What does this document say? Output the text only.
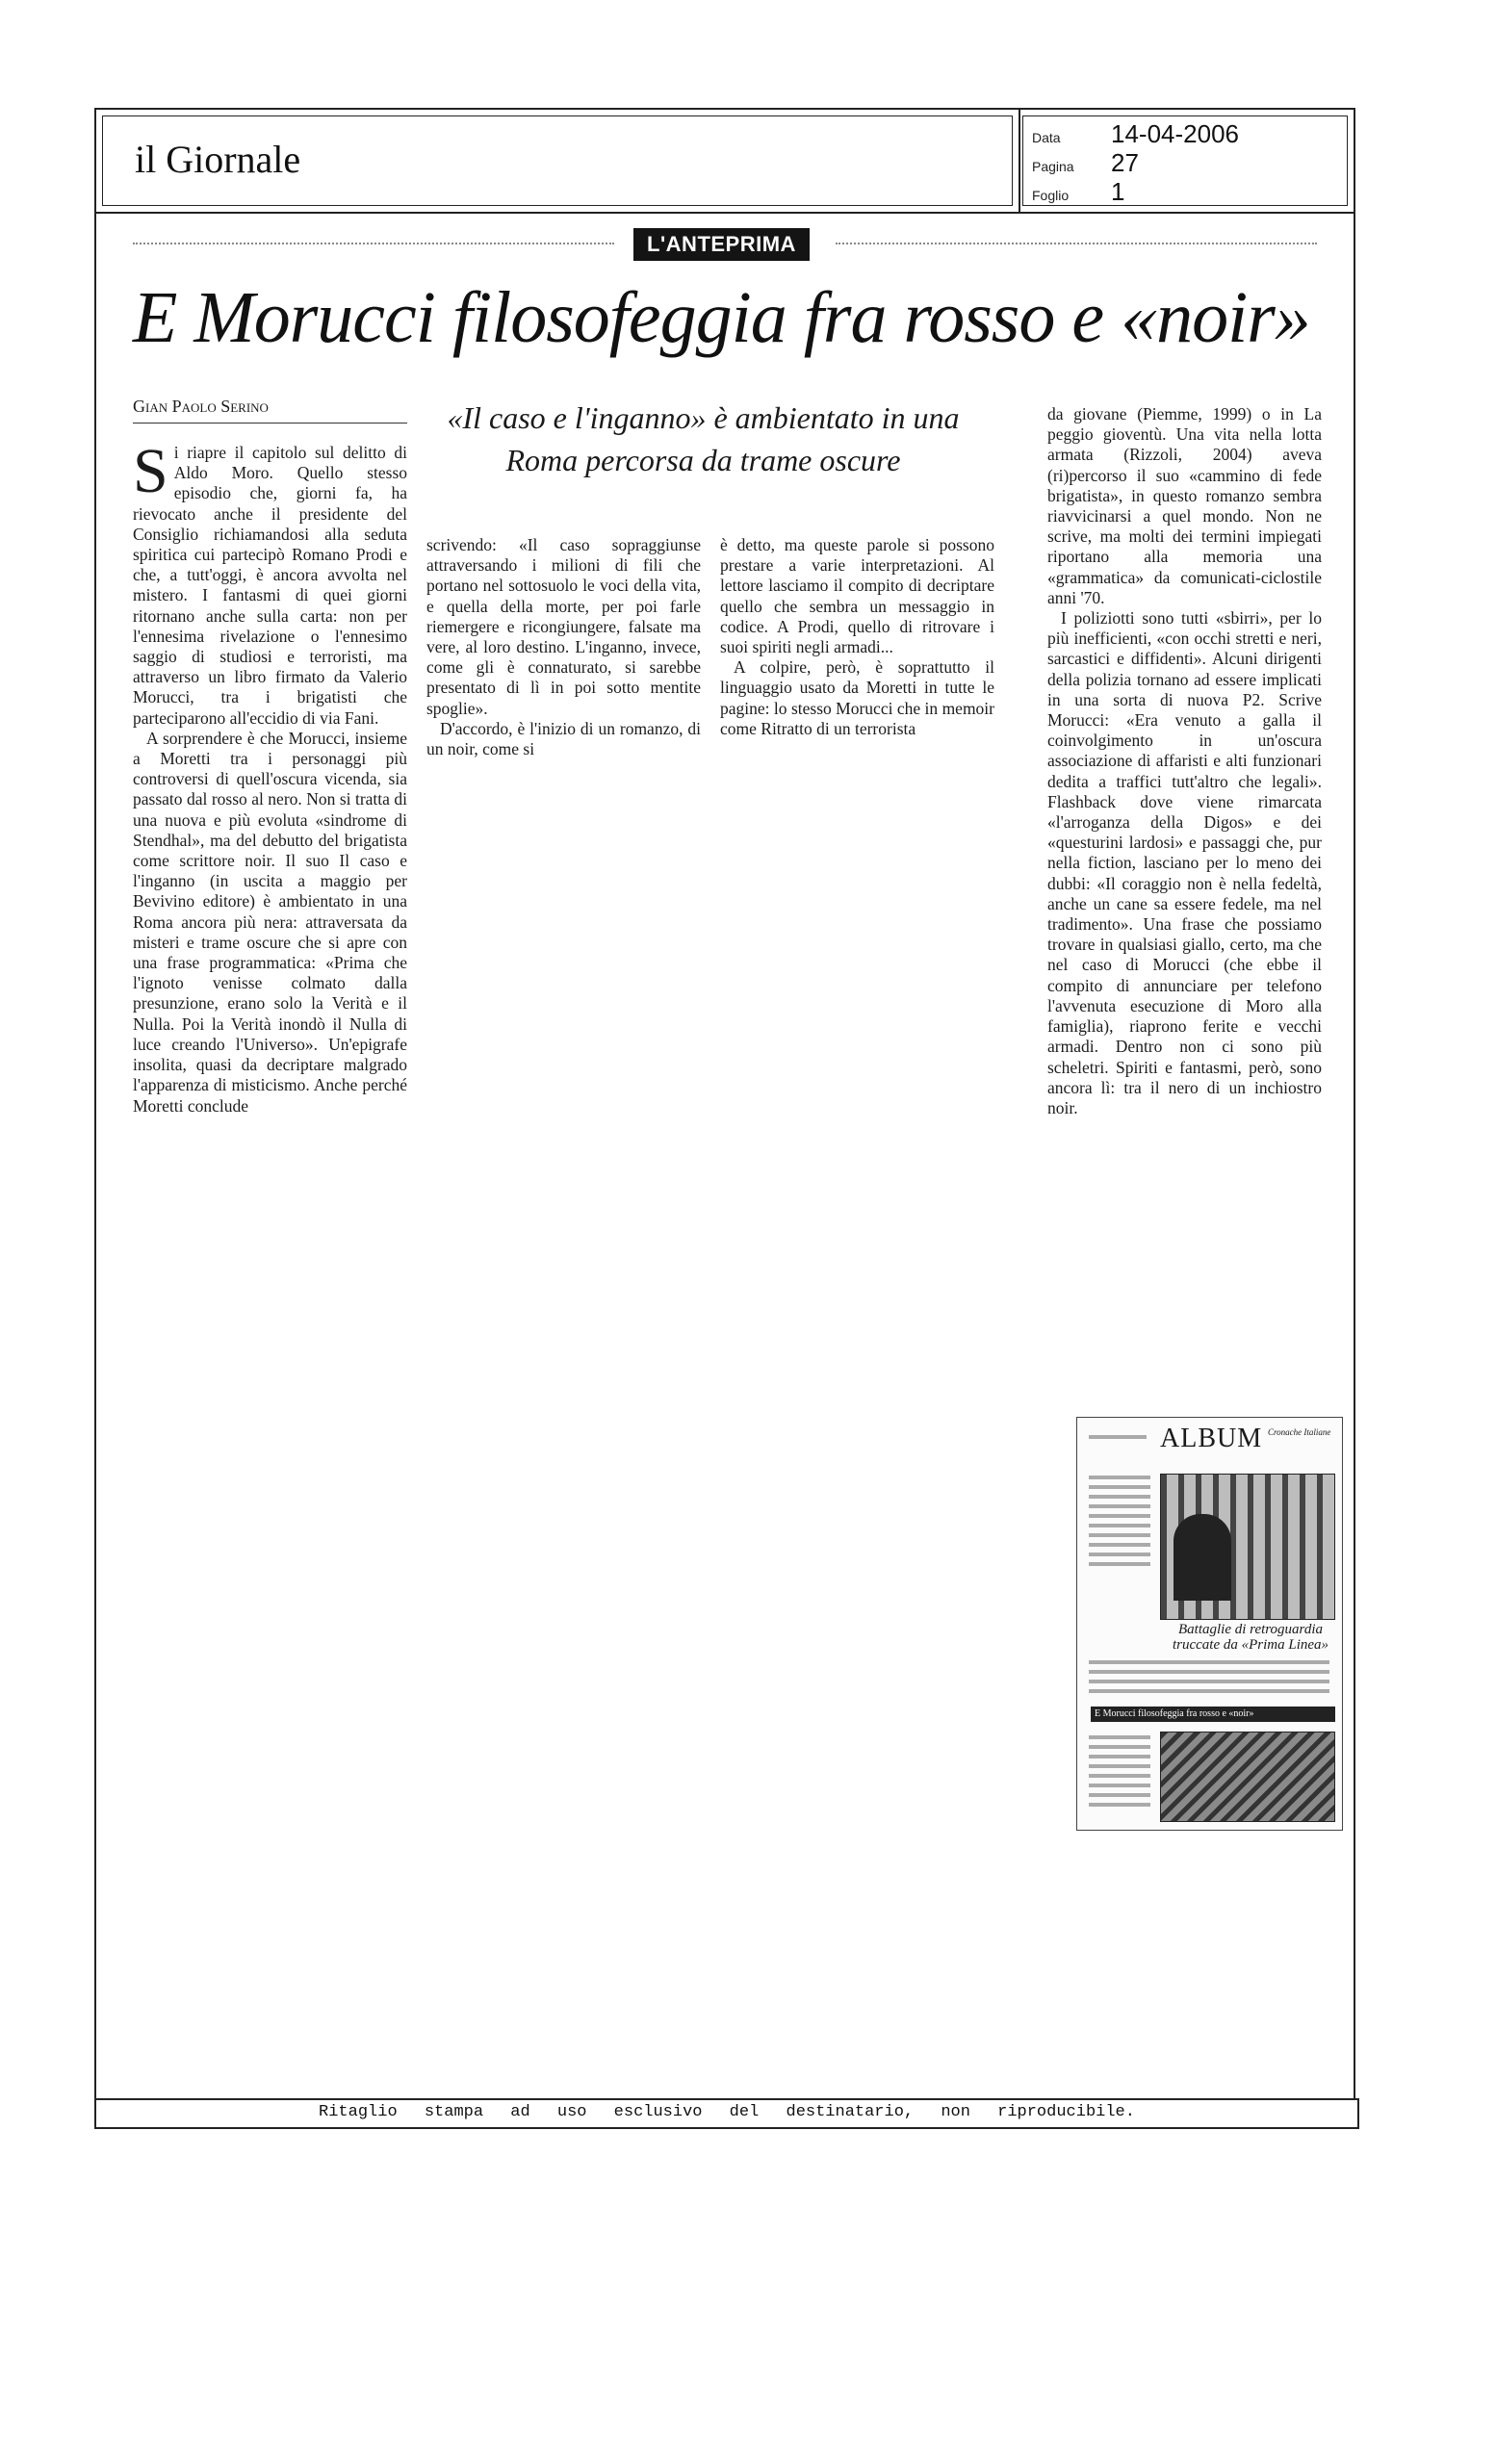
il Giornale	Data	14-04-2006
Pagina	27
Foglio	1
L'ANTEPRIMA
E Morucci filosofeggia fra rosso e «noir»
Gian Paolo Serino

Si riapre il capitolo sul delitto di Aldo Moro. Quello stesso episodio che, giorni fa, ha rievocato anche il presidente del Consiglio richiamandosi alla seduta spiritica cui partecipò Romano Prodi e che, a tutt'oggi, è ancora avvolta nel mistero. I fantasmi di quei giorni ritornano anche sulla carta: non per l'ennesima rivelazione o l'ennesimo saggio di studiosi e terroristi, ma attraverso un libro firmato da Valerio Morucci, tra i brigatisti che parteciparono all'eccidio di via Fani.

A sorprendere è che Morucci, insieme a Moretti tra i personaggi più controversi di quell'oscura vicenda, sia passato dal rosso al nero. Non si tratta di una nuova e più evoluta «sindrome di Stendhal», ma del debutto del brigatista come scrittore noir. Il suo Il caso e l'inganno (in uscita a maggio per Bevivino editore) è ambientato in una Roma ancora più nera: attraversata da misteri e trame oscure che si apre con una frase programmatica: «Prima che l'ignoto venisse colmato dalla presunzione, erano solo la Verità e il Nulla. Poi la Verità inondò il Nulla di luce creando l'Universo». Un'epigrafe insolita, quasi da decriptare malgrado l'apparenza di misticismo. Anche perché Moretti conclude

«Il caso e l'inganno» è ambientato in una Roma percorsa da trame oscure

scrivendo: «Il caso sopraggiunse attraversando i milioni di fili che portano nel sottosuolo le voci della vita, e quella della morte, per poi farle riemergere e ricongiungere, falsate ma vere, al loro destino. L'inganno, invece, come gli è connaturato, si sarebbe presentato di lì in poi sotto mentite spoglie».

D'accordo, è l'inizio di un romanzo, di un noir, come si

è detto, ma queste parole si possono prestare a varie interpretazioni. Al lettore lasciamo il compito di decriptare quello che sembra un messaggio in codice. A Prodi, quello di ritrovare i suoi spiriti negli armadi...

A colpire, però, è soprattutto il linguaggio usato da Moretti in tutte le pagine: lo stesso Morucci che in memoir come Ritratto di un terrorista

da giovane (Piemme, 1999) o in La peggio gioventù. Una vita nella lotta armata (Rizzoli, 2004) aveva (ri)percorso il suo «cammino di fede brigatista», in questo romanzo sembra riavvicinarsi a quel mondo. Non ne scrive, ma molti dei termini impiegati riportano alla memoria una «grammatica» da comunicati-ciclostile anni '70.

I poliziotti sono tutti «sbirri», per lo più inefficienti, «con occhi stretti e neri, sarcastici e diffidenti». Alcuni dirigenti della polizia tornano ad essere implicati in una sorta di nuova P2. Scrive Morucci: «Era venuto a galla il coinvolgimento in un'oscura associazione di affaristi e alti funzionari dedita a traffici tutt'altro che legali». Flashback dove viene rimarcata «l'arroganza della Digos» e dei «questurini lardosi» e passaggi che, pur nella fiction, lasciano per lo meno dei dubbi: «Il coraggio non è nella fedeltà, anche un cane sa essere fedele, ma nel tradimento». Una frase che possiamo trovare in qualsiasi giallo, certo, ma che nel caso di Morucci (che ebbe il compito di annunciare per telefono l'avvenuta esecuzione di Moro alla famiglia), riaprono ferite e vecchi armadi. Dentro non ci sono più scheletri. Spiriti e fantasmi, però, sono ancora lì: tra il nero di un inchiostro noir.

ALBUM Cronache Italiane
Battaglie di retroguardia truccate da «Prima Linea»
E Morucci filosofeggia fra rosso e «noir»
Ritaglio stampa ad uso esclusivo del destinatario, non riproducibile.
